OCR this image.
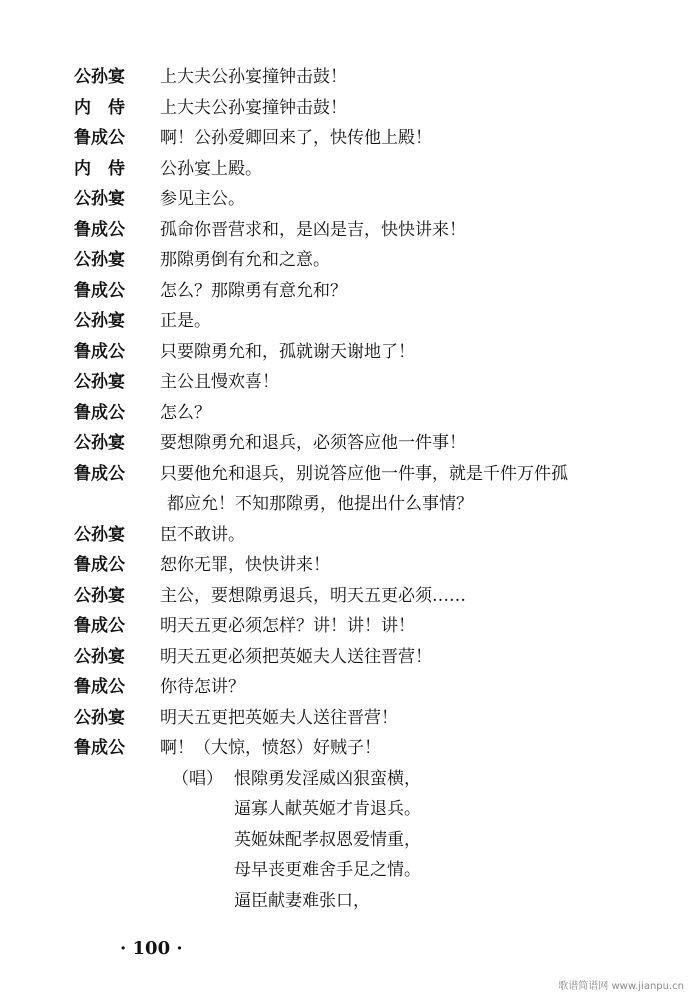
公孙宴	上大夫公孙宴撞钟击鼓！
内　侍	上大夫公孙宴撞钟击鼓！
鲁成公	啊！公孙爱卿回来了，快传他上殿！
内　侍	公孙宴上殿。
公孙宴	参见主公。
鲁成公	孤命你晋营求和，是凶是吉，快快讲来！
公孙宴	那隙勇倒有允和之意。
鲁成公	怎么？那隙勇有意允和？
公孙宴	正是。
鲁成公	只要隙勇允和，孤就谢天谢地了！
公孙宴	主公且慢欢喜！
鲁成公	怎么？
公孙宴	要想隙勇允和退兵，必须答应他一件事！
鲁成公	只要他允和退兵，别说答应他一件事，就是千件万件孤
都应允！不知那隙勇，他提出什么事情？
公孙宴	臣不敢讲。
鲁成公	恕你无罪，快快讲来！
公孙宴	主公，要想隙勇退兵，明天五更必须……
鲁成公	明天五更必须怎样？讲！讲！讲！
公孙宴	明天五更必须把英姬夫人送往晋营！
鲁成公	你待怎讲？
公孙宴	明天五更把英姬夫人送往晋营！
鲁成公	啊！（大惊，愤怒）好贼子！
（唱） 恨隙勇发淫威凶狠蛮横，
逼寡人献英姬才肯退兵。
英姬妹配孝叔恩爱情重，
母早丧更难舍手足之情。
逼臣献妻难张口，
· 100 ·
歌谱简谱网 www.jianpu.cn
